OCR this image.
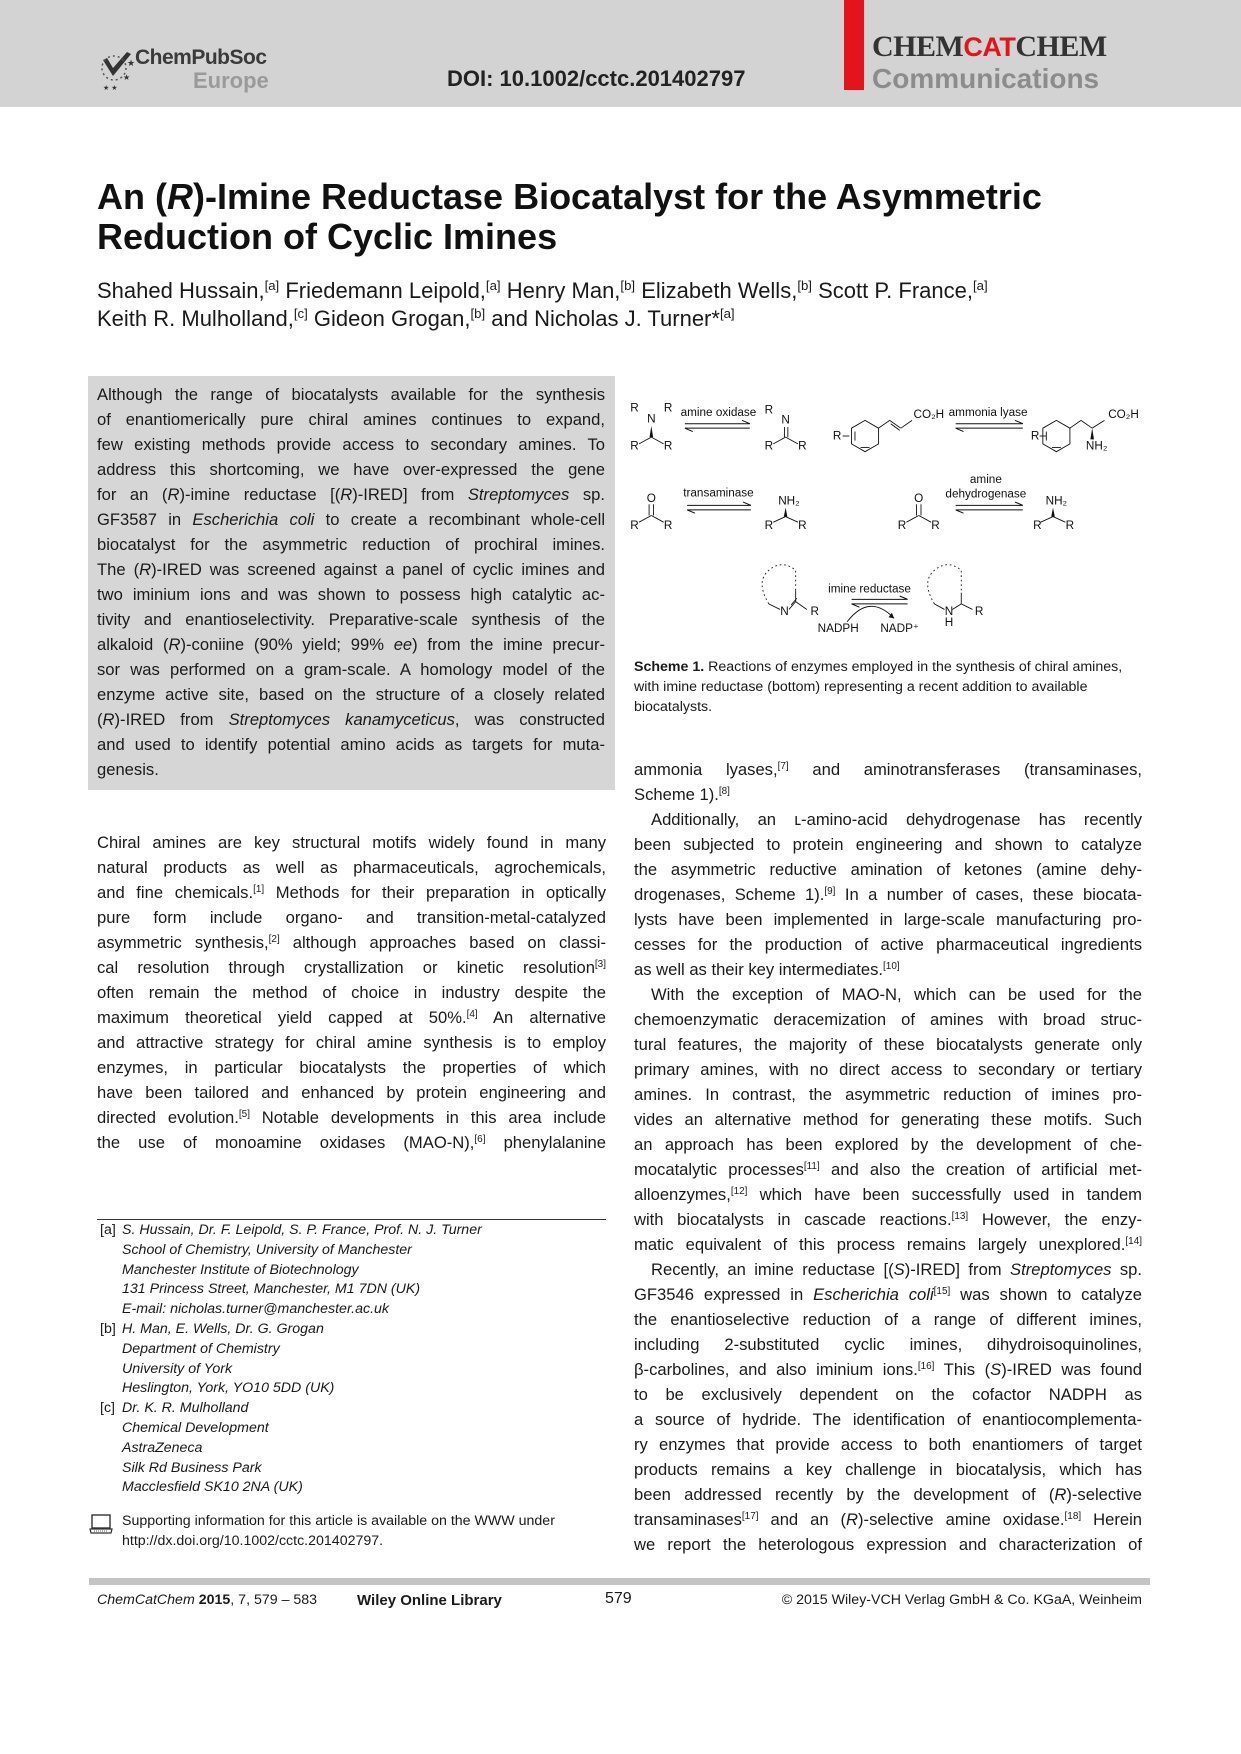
★
★
★ ★
ChemPubSoc
Europe	DOI: 10.1002/cctc.201402797
CHEMCATCHEM
Communications
An (R)-Imine Reductase Biocatalyst for the Asymmetric
Reduction of Cyclic Imines
Shahed Hussain,[a] Friedemann Leipold,[a] Henry Man,[b] Elizabeth Wells,[b] Scott P. France,[a]
Keith R. Mulholland,[c] Gideon Grogan,[b] and Nicholas J. Turner*[a]
Although the range of biocatalysts available for the synthesis
of enantiomerically pure chiral amines continues to expand,
few existing methods provide access to secondary amines. To
address this shortcoming, we have over-expressed the gene
for an (R)-imine reductase [(R)-IRED] from Streptomyces sp.
GF3587 in Escherichia coli to create a recombinant whole-cell
biocatalyst for the asymmetric reduction of prochiral imines.
The (R)-IRED was screened against a panel of cyclic imines and
two iminium ions and was shown to possess high catalytic ac-
tivity and enantioselectivity. Preparative-scale synthesis of the
alkaloid (R)-coniine (90% yield; 99% ee) from the imine precur-
sor was performed on a gram-scale. A homology model of the
enzyme active site, based on the structure of a closely related
(R)-IRED from Streptomyces kanamyceticus, was constructed
and used to identify potential amino acids as targets for muta-
genesis.
Chiral amines are key structural motifs widely found in many
natural products as well as pharmaceuticals, agrochemicals,
and fine chemicals.[1] Methods for their preparation in optically
pure form include organo- and transition-metal-catalyzed
asymmetric synthesis,[2] although approaches based on classi-
cal resolution through crystallization or kinetic resolution[3]
often remain the method of choice in industry despite the
maximum theoretical yield capped at 50%.[4] An alternative
and attractive strategy for chiral amine synthesis is to employ
enzymes, in particular biocatalysts the properties of which
have been tailored and enhanced by protein engineering and
directed evolution.[5] Notable developments in this area include
the use of monoamine oxidases (MAO-N),[6] phenylalanine
ammonia lyases,[7] and aminotransferases (transaminases,
Scheme 1).[8]
Additionally, an ʟ-amino-acid dehydrogenase has recently
been subjected to protein engineering and shown to catalyze
the asymmetric reductive amination of ketones (amine dehy-
drogenases, Scheme 1).[9] In a number of cases, these biocata-
lysts have been implemented in large-scale manufacturing pro-
cesses for the production of active pharmaceutical ingredients
as well as their key intermediates.[10]
With the exception of MAO-N, which can be used for the
chemoenzymatic deracemization of amines with broad struc-
tural features, the majority of these biocatalysts generate only
primary amines, with no direct access to secondary or tertiary
amines. In contrast, the asymmetric reduction of imines pro-
vides an alternative method for generating these motifs. Such
an approach has been explored by the development of che-
mocatalytic processes[11] and also the creation of artificial met-
alloenzymes,[12] which have been successfully used in tandem
with biocatalysts in cascade reactions.[13] However, the enzy-
matic equivalent of this process remains largely unexplored.[14]
Recently, an imine reductase [(S)-IRED] from Streptomyces sp.
GF3546 expressed in Escherichia coli[15] was shown to catalyze
the enantioselective reduction of a range of different imines,
including 2-substituted cyclic imines, dihydroisoquinolines,
β-carbolines, and also iminium ions.[16] This (S)-IRED was found
to be exclusively dependent on the cofactor NADPH as
a source of hydride. The identification of enantiocomplementa-
ry enzymes that provide access to both enantiomers of target
products remains a key challenge in biocatalysis, which has
been addressed recently by the development of (R)-selective
transaminases[17] and an (R)-selective amine oxidase.[18] Herein
we report the heterologous expression and characterization of
R
N
R
R R
amine oxidase R
N
R R
R
CO₂H ammonia lyase
R
CO₂H
NH₂
O
R R
transaminase
NH₂
R R
O
R R
amine
dehydrogenase
NH₂
R R
N R
imine reductase
NADPH NADP⁺
N
H
R
Scheme 1. Reactions of enzymes employed in the synthesis of chiral amines, with imine reductase (bottom) representing a recent addition to available biocatalysts.
[a] S. Hussain, Dr. F. Leipold, S. P. France, Prof. N. J. Turner
School of Chemistry, University of Manchester
Manchester Institute of Biotechnology
131 Princess Street, Manchester, M1 7DN (UK)
E-mail: nicholas.turner@manchester.ac.uk
[b] H. Man, E. Wells, Dr. G. Grogan
Department of Chemistry
University of York
Heslington, York, YO10 5DD (UK)
[c] Dr. K. R. Mulholland
Chemical Development
AstraZeneca
Silk Rd Business Park
Macclesfield SK10 2NA (UK)
Supporting information for this article is available on the WWW under
http://dx.doi.org/10.1002/cctc.201402797.
ChemCatChem 2015, 7, 579 – 583	Wiley Online Library	579	© 2015 Wiley-VCH Verlag GmbH & Co. KGaA, Weinheim
